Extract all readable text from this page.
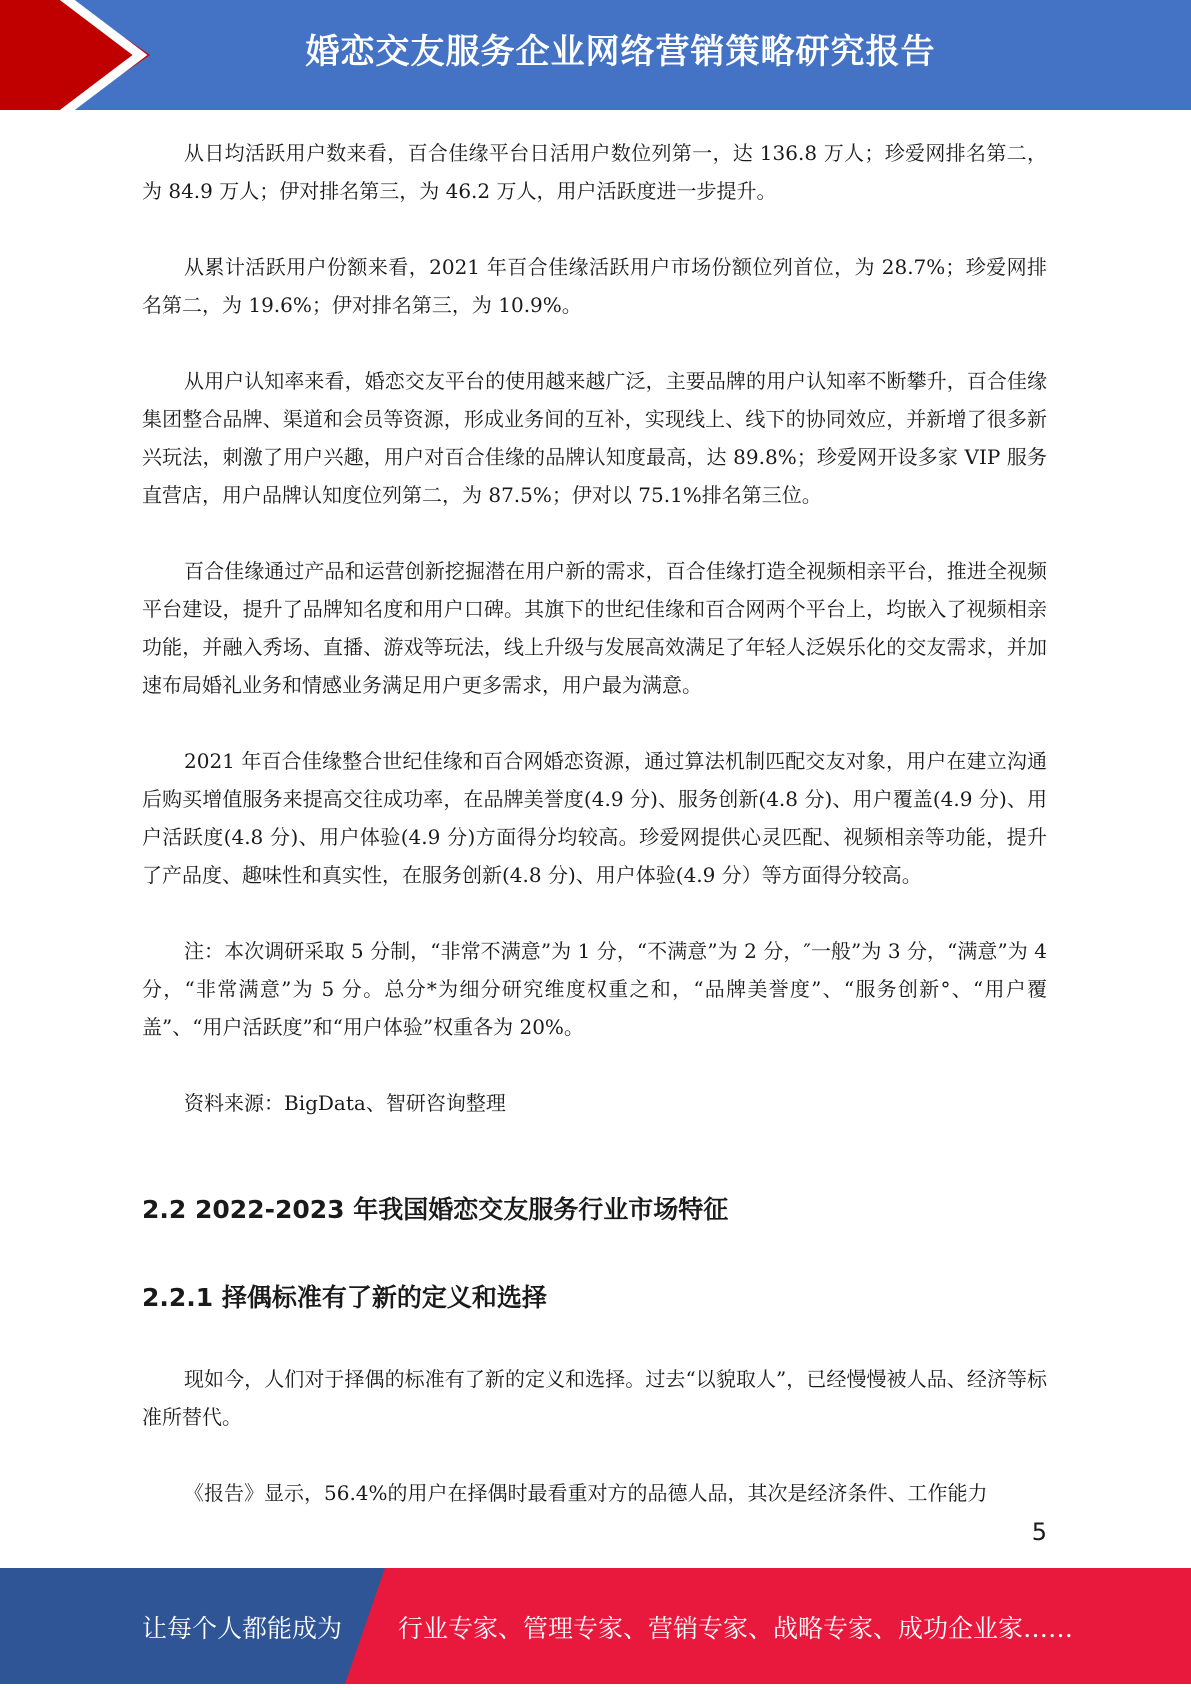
婚恋交友服务企业网络营销策略研究报告

从日均活跃用户数来看，百合佳缘平台日活用户数位列第一，达 136.8 万人；珍爱网排名第二，为 84.9 万人；伊对排名第三，为 46.2 万人，用户活跃度进一步提升。

从累计活跃用户份额来看，2021 年百合佳缘活跃用户市场份额位列首位，为 28.7%；珍爱网排名第二，为 19.6%；伊对排名第三，为 10.9%。

从用户认知率来看，婚恋交友平台的使用越来越广泛，主要品牌的用户认知率不断攀升，百合佳缘集团整合品牌、渠道和会员等资源，形成业务间的互补，实现线上、线下的协同效应，并新增了很多新兴玩法，刺激了用户兴趣，用户对百合佳缘的品牌认知度最高，达 89.8%；珍爱网开设多家 VIP 服务直营店，用户品牌认知度位列第二，为 87.5%；伊对以 75.1%排名第三位。

百合佳缘通过产品和运营创新挖掘潜在用户新的需求，百合佳缘打造全视频相亲平台，推进全视频平台建设，提升了品牌知名度和用户口碑。其旗下的世纪佳缘和百合网两个平台上，均嵌入了视频相亲功能，并融入秀场、直播、游戏等玩法，线上升级与发展高效满足了年轻人泛娱乐化的交友需求，并加速布局婚礼业务和情感业务满足用户更多需求，用户最为满意。

2021 年百合佳缘整合世纪佳缘和百合网婚恋资源，通过算法机制匹配交友对象，用户在建立沟通后购买增值服务来提高交往成功率，在品牌美誉度(4.9 分)、服务创新(4.8 分)、用户覆盖(4.9 分)、用户活跃度(4.8 分)、用户体验(4.9 分)方面得分均较高。珍爱网提供心灵匹配、视频相亲等功能，提升了产品度、趣味性和真实性，在服务创新(4.8 分)、用户体验(4.9 分）等方面得分较高。

注：本次调研采取 5 分制，“非常不满意”为 1 分，“不满意”为 2 分，″一般”为 3 分，“满意”为 4 分，“非常满意”为 5 分。总分*为细分研究维度权重之和，“品牌美誉度”、“服务创新°、“用户覆盖”、“用户活跃度”和“用户体验”权重各为 20%。

资料来源：BigData、智研咨询整理

2.2 2022-2023 年我国婚恋交友服务行业市场特征
2.2.1 择偶标准有了新的定义和选择

现如今，人们对于择偶的标准有了新的定义和选择。过去“以貌取人”，已经慢慢被人品、经济等标准所替代。

《报告》显示，56.4%的用户在择偶时最看重对方的品德人品，其次是经济条件、工作能力

5
让每个人都能成为 行业专家、管理专家、营销专家、战略专家、成功企业家……
